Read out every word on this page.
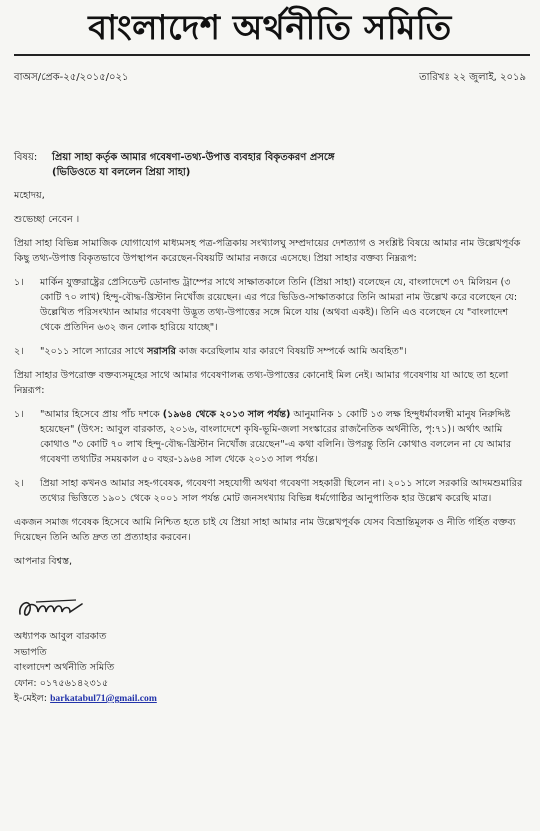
বাংলাদেশ অর্থনীতি সমিতি
বাঅস/প্রেক-২৫/২০১৫/০২১	তারিখঃ ২২ জুলাই, ২০১৯
বিষয়: প্রিয়া সাহা কর্তৃক আমার গবেষণা-তথ্য-উপাত্ত ব্যবহার বিকৃতকরণ প্রসঙ্গে
(ভিডিওতে যা বললেন প্রিয়া সাহা)
মহোদয়,
শুভেচ্ছা নেবেন ।
প্রিয়া সাহা বিভিন্ন সামাজিক যোগাযোগ মাধ্যমসহ পত্র-পত্রিকায় সংখ্যালঘু সম্প্রদায়ের দেশত্যাগ ও সংশ্লিষ্ট বিষয়ে আমার নাম উল্লেখপূর্বক কিছু তথ্য-উপাত্ত বিকৃতভাবে উপস্থাপন করেছেন-বিষয়টি আমার নজরে এসেছে। প্রিয়া সাহার বক্তব্য নিম্নরূপ:
১।	মার্কিন যুক্তরাষ্ট্রের প্রেসিডেন্ট ডোনাল্ড ট্রাম্পের সাথে সাক্ষাতকালে তিনি (প্রিয়া সাহা) বলেছেন যে, বাংলাদেশে ৩৭ মিলিয়ন (৩ কোটি ৭০ লাখ) হিন্দু-বৌদ্ধ-খ্রিস্টান নিখোঁজ রয়েছেন। এর পরে ভিডিও-সাক্ষাতকারে তিনি আমরা নাম উল্লেখ করে বলেছেন যে: উল্লেখিত পরিসংখ্যান আমার গবেষণা উদ্ভূত তথ্য-উপাত্তের সঙ্গে মিলে যায় (অথবা একই)। তিনি এও বলেছেন যে "বাংলাদেশ থেকে প্রতিদিন ৬৩২ জন লোক হারিয়ে যাচ্ছে"।
২।	"২০১১ সালে স্যারের সাথে সরাসরি কাজ করেছিলাম যার কারণে বিষয়টি সম্পর্কে আমি অবহিত"।
প্রিয়া সাহার উপরোক্ত বক্তব্যসমূহের সাথে আমার গবেষণালব্ধ তথ্য-উপাত্তের কোনোই মিল নেই। আমার গবেষণায় যা আছে তা হলো নিম্নরূপ:
১।	"আমার হিসেবে প্রায় পাঁচ দশকে (১৯৬৪ থেকে ২০১৩ সাল পর্যন্ত) আনুমানিক ১ কোটি ১৩ লক্ষ হিন্দুধর্মাবলম্বী মানুষ নিরুদ্দিষ্ট হয়েছেন" (উৎস: আবুল বারকাত, ২০১৬, বাংলাদেশে কৃষি-ভূমি-জলা সংস্কারের রাজনৈতিক অর্থনীতি, পৃ:৭১)। অর্থাৎ আমি কোথাও "৩ কোটি ৭০ লাখ হিন্দু-বৌদ্ধ-খ্রিস্টান নিখোঁজ রয়েছেন"-এ কথা বলিনি। উপরন্তু তিনি কোথাও বললেন না যে আমার গবেষণা তথ্যটির সময়কাল ৫০ বছর-১৯৬৪ সাল থেকে ২০১৩ সাল পর্যন্ত।
২।	প্রিয়া সাহা কখনও আমার সহ-গবেষক, গবেষণা সহযোগী অথবা গবেষণা সহকারী ছিলেন না। ২০১১ সালে সরকারি আদমশুমারির তথ্যের ভিত্তিতে ১৯০১ থেকে ২০০১ সাল পর্যন্ত মোট জনসংখ্যায় বিভিন্ন ধর্মগোষ্ঠির আনুপাতিক হার উল্লেখ করেছি মাত্র।
একজন সমাজ গবেষক হিসেবে আমি নিশ্চিত হতে চাই যে প্রিয়া সাহা আমার নাম উল্লেখপূর্বক যেসব বিভ্রান্তিমূলক ও নীতি গর্হিত বক্তব্য দিয়েছেন তিনি অতি দ্রুত তা প্রত্যাহার করবেন।
আপনার বিশ্বস্ত,
অধ্যাপক আবুল বারকাত
সভাপতি
বাংলাদেশ অর্থনীতি সমিতি
ফোন: ০১৭৫৬১৪২৩১৫
ই-মেইল: barkatabul71@gmail.com
